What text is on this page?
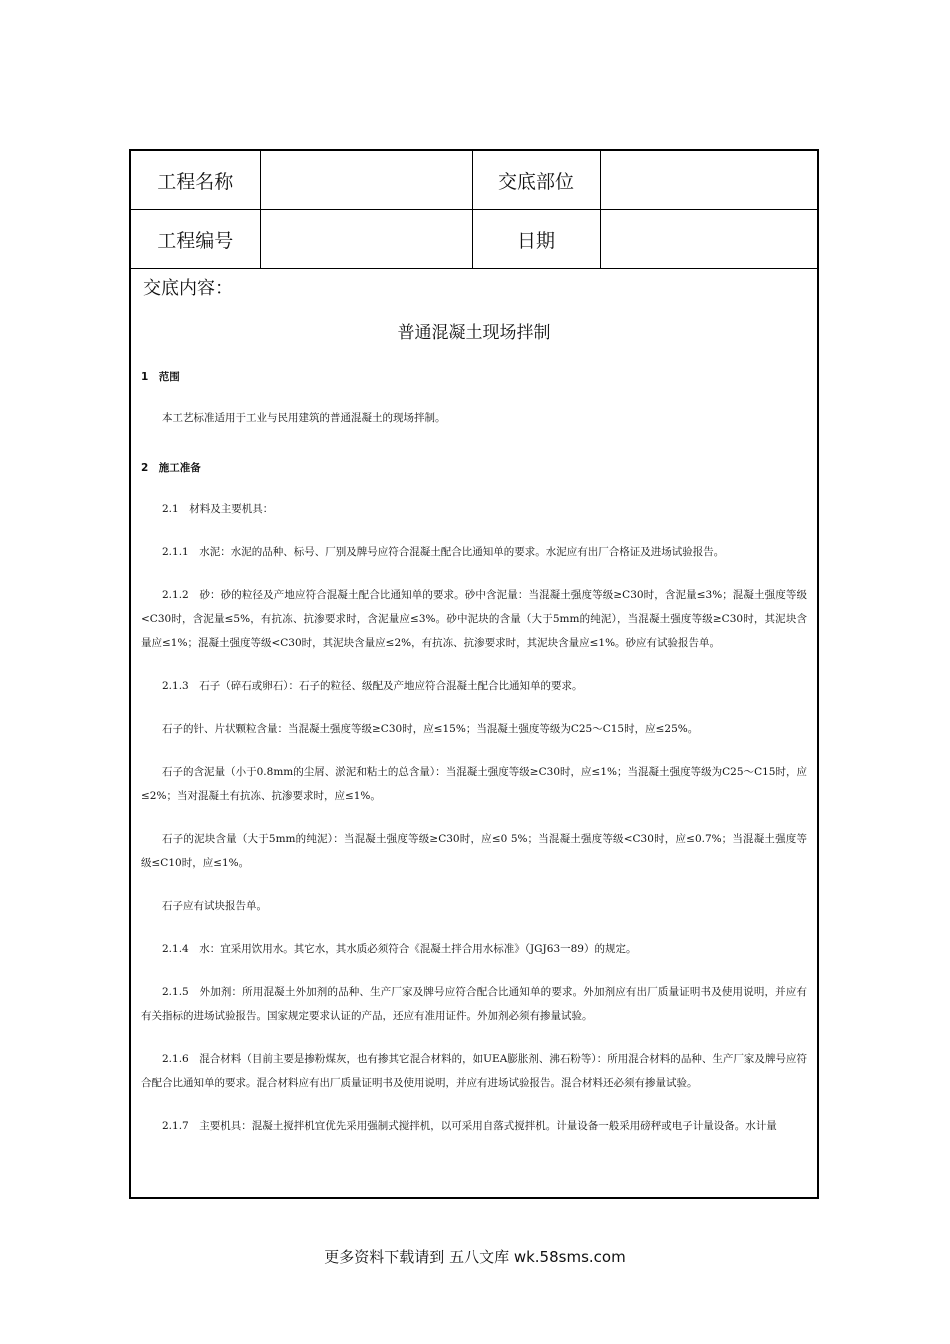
工程名称		交底部位	
工程编号		日期	
交底内容：
普通混凝土现场拌制
1　范围

本工艺标准适用于工业与民用建筑的普通混凝土的现场拌制。

2　施工准备

2.1　材料及主要机具：

2.1.1　水泥：水泥的品种、标号、厂别及牌号应符合混凝土配合比通知单的要求。水泥应有出厂合格证及进场试验报告。

2.1.2　砂：砂的粒径及产地应符合混凝土配合比通知单的要求。砂中含泥量：当混凝土强度等级≥C30时，含泥量≤3%；混凝土强度等级<C30时，含泥量≤5%，有抗冻、抗渗要求时，含泥量应≤3%。砂中泥块的含量（大于5mm的纯泥），当混凝土强度等级≥C30时，其泥块含量应≤1%；混凝土强度等级<C30时，其泥块含量应≤2%，有抗冻、抗渗要求时，其泥块含量应≤1%。砂应有试验报告单。

2.1.3　石子（碎石或卵石）：石子的粒径、级配及产地应符合混凝土配合比通知单的要求。

石子的针、片状颗粒含量：当混凝土强度等级≥C30时，应≤15%；当混凝土强度等级为C25～C15时，应≤25%。

石子的含泥量（小于0.8mm的尘屑、淤泥和粘土的总含量）：当混凝土强度等级≥C30时，应≤1%；当混凝土强度等级为C25～C15时，应≤2%；当对混凝土有抗冻、抗渗要求时，应≤1%。

石子的泥块含量（大于5mm的纯泥）：当混凝土强度等级≥C30时，应≤0 5%；当混凝土强度等级<C30时，应≤0.7%；当混凝土强度等级≤C10时，应≤1%。

石子应有试块报告单。

2.1.4　水：宜采用饮用水。其它水，其水质必须符合《混凝土拌合用水标准》（JGJ63一89）的规定。

2.1.5　外加剂：所用混凝土外加剂的品种、生产厂家及牌号应符合配合比通知单的要求。外加剂应有出厂质量证明书及使用说明，并应有有关指标的进场试验报告。国家规定要求认证的产品，还应有准用证件。外加剂必须有掺量试验。

2.1.6　混合材料（目前主要是掺粉煤灰，也有掺其它混合材料的，如UEA膨胀剂、沸石粉等）：所用混合材料的品种、生产厂家及牌号应符合配合比通知单的要求。混合材料应有出厂质量证明书及使用说明，并应有进场试验报告。混合材料还必须有掺量试验。

2.1.7　主要机具：混凝土搅拌机宜优先采用强制式搅拌机，以可采用自落式搅拌机。计量设备一般采用磅秤或电子计量设备。水计量

更多资料下载请到 五八文库 wk.58sms.com
